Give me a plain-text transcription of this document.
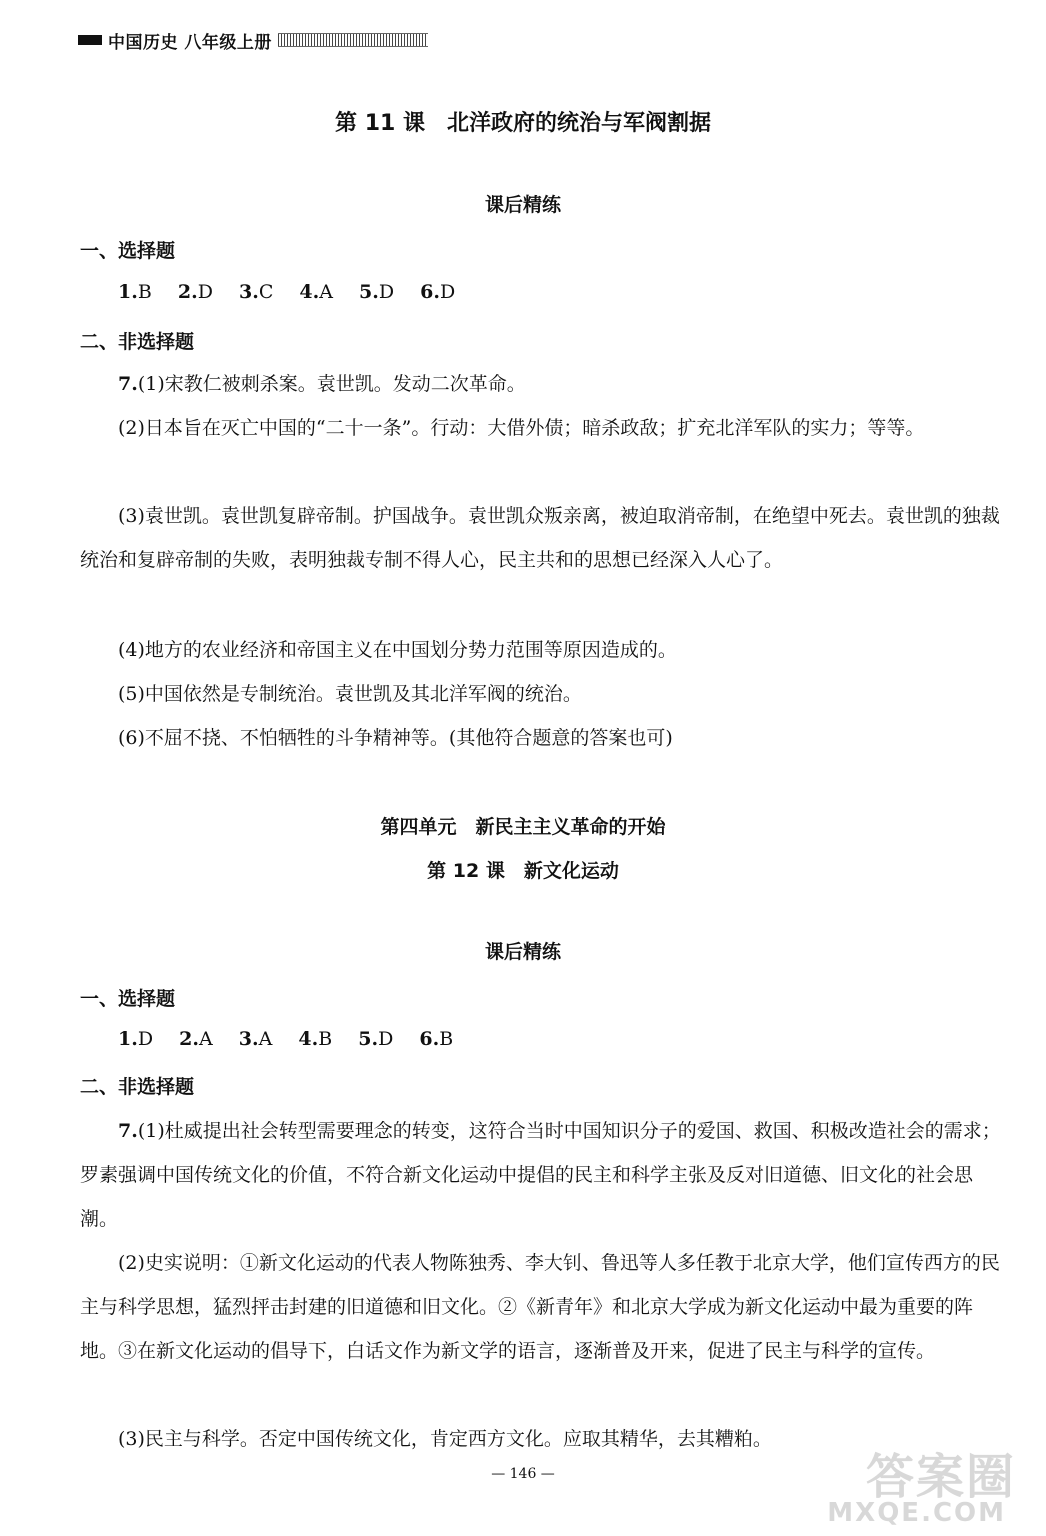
中国历史 八年级上册
第 11 课　北洋政府的统治与军阀割据
课后精练
一、选择题
1.B 2.D 3.C 4.A 5.D 6.D
二、非选择题
7.(1)宋教仁被刺杀案。袁世凯。发动二次革命。
(2)日本旨在灭亡中国的“二十一条”。行动：大借外债；暗杀政敌；扩充北洋军队的实力；等等。
(3)袁世凯。袁世凯复辟帝制。护国战争。袁世凯众叛亲离，被迫取消帝制，在绝望中死去。袁世凯的独裁统治和复辟帝制的失败，表明独裁专制不得人心，民主共和的思想已经深入人心了。
(4)地方的农业经济和帝国主义在中国划分势力范围等原因造成的。
(5)中国依然是专制统治。袁世凯及其北洋军阀的统治。
(6)不屈不挠、不怕牺牲的斗争精神等。(其他符合题意的答案也可)
第四单元　新民主主义革命的开始
第 12 课　新文化运动
课后精练
一、选择题
1.D 2.A 3.A 4.B 5.D 6.B
二、非选择题
7.(1)杜威提出社会转型需要理念的转变，这符合当时中国知识分子的爱国、救国、积极改造社会的需求；罗素强调中国传统文化的价值，不符合新文化运动中提倡的民主和科学主张及反对旧道德、旧文化的社会思潮。
(2)史实说明：①新文化运动的代表人物陈独秀、李大钊、鲁迅等人多任教于北京大学，他们宣传西方的民主与科学思想，猛烈抨击封建的旧道德和旧文化。②《新青年》和北京大学成为新文化运动中最为重要的阵地。③在新文化运动的倡导下，白话文作为新文学的语言，逐渐普及开来，促进了民主与科学的宣传。
(3)民主与科学。否定中国传统文化，肯定西方文化。应取其精华，去其糟粕。
— 146 —	答案圈
MXQE.COM
